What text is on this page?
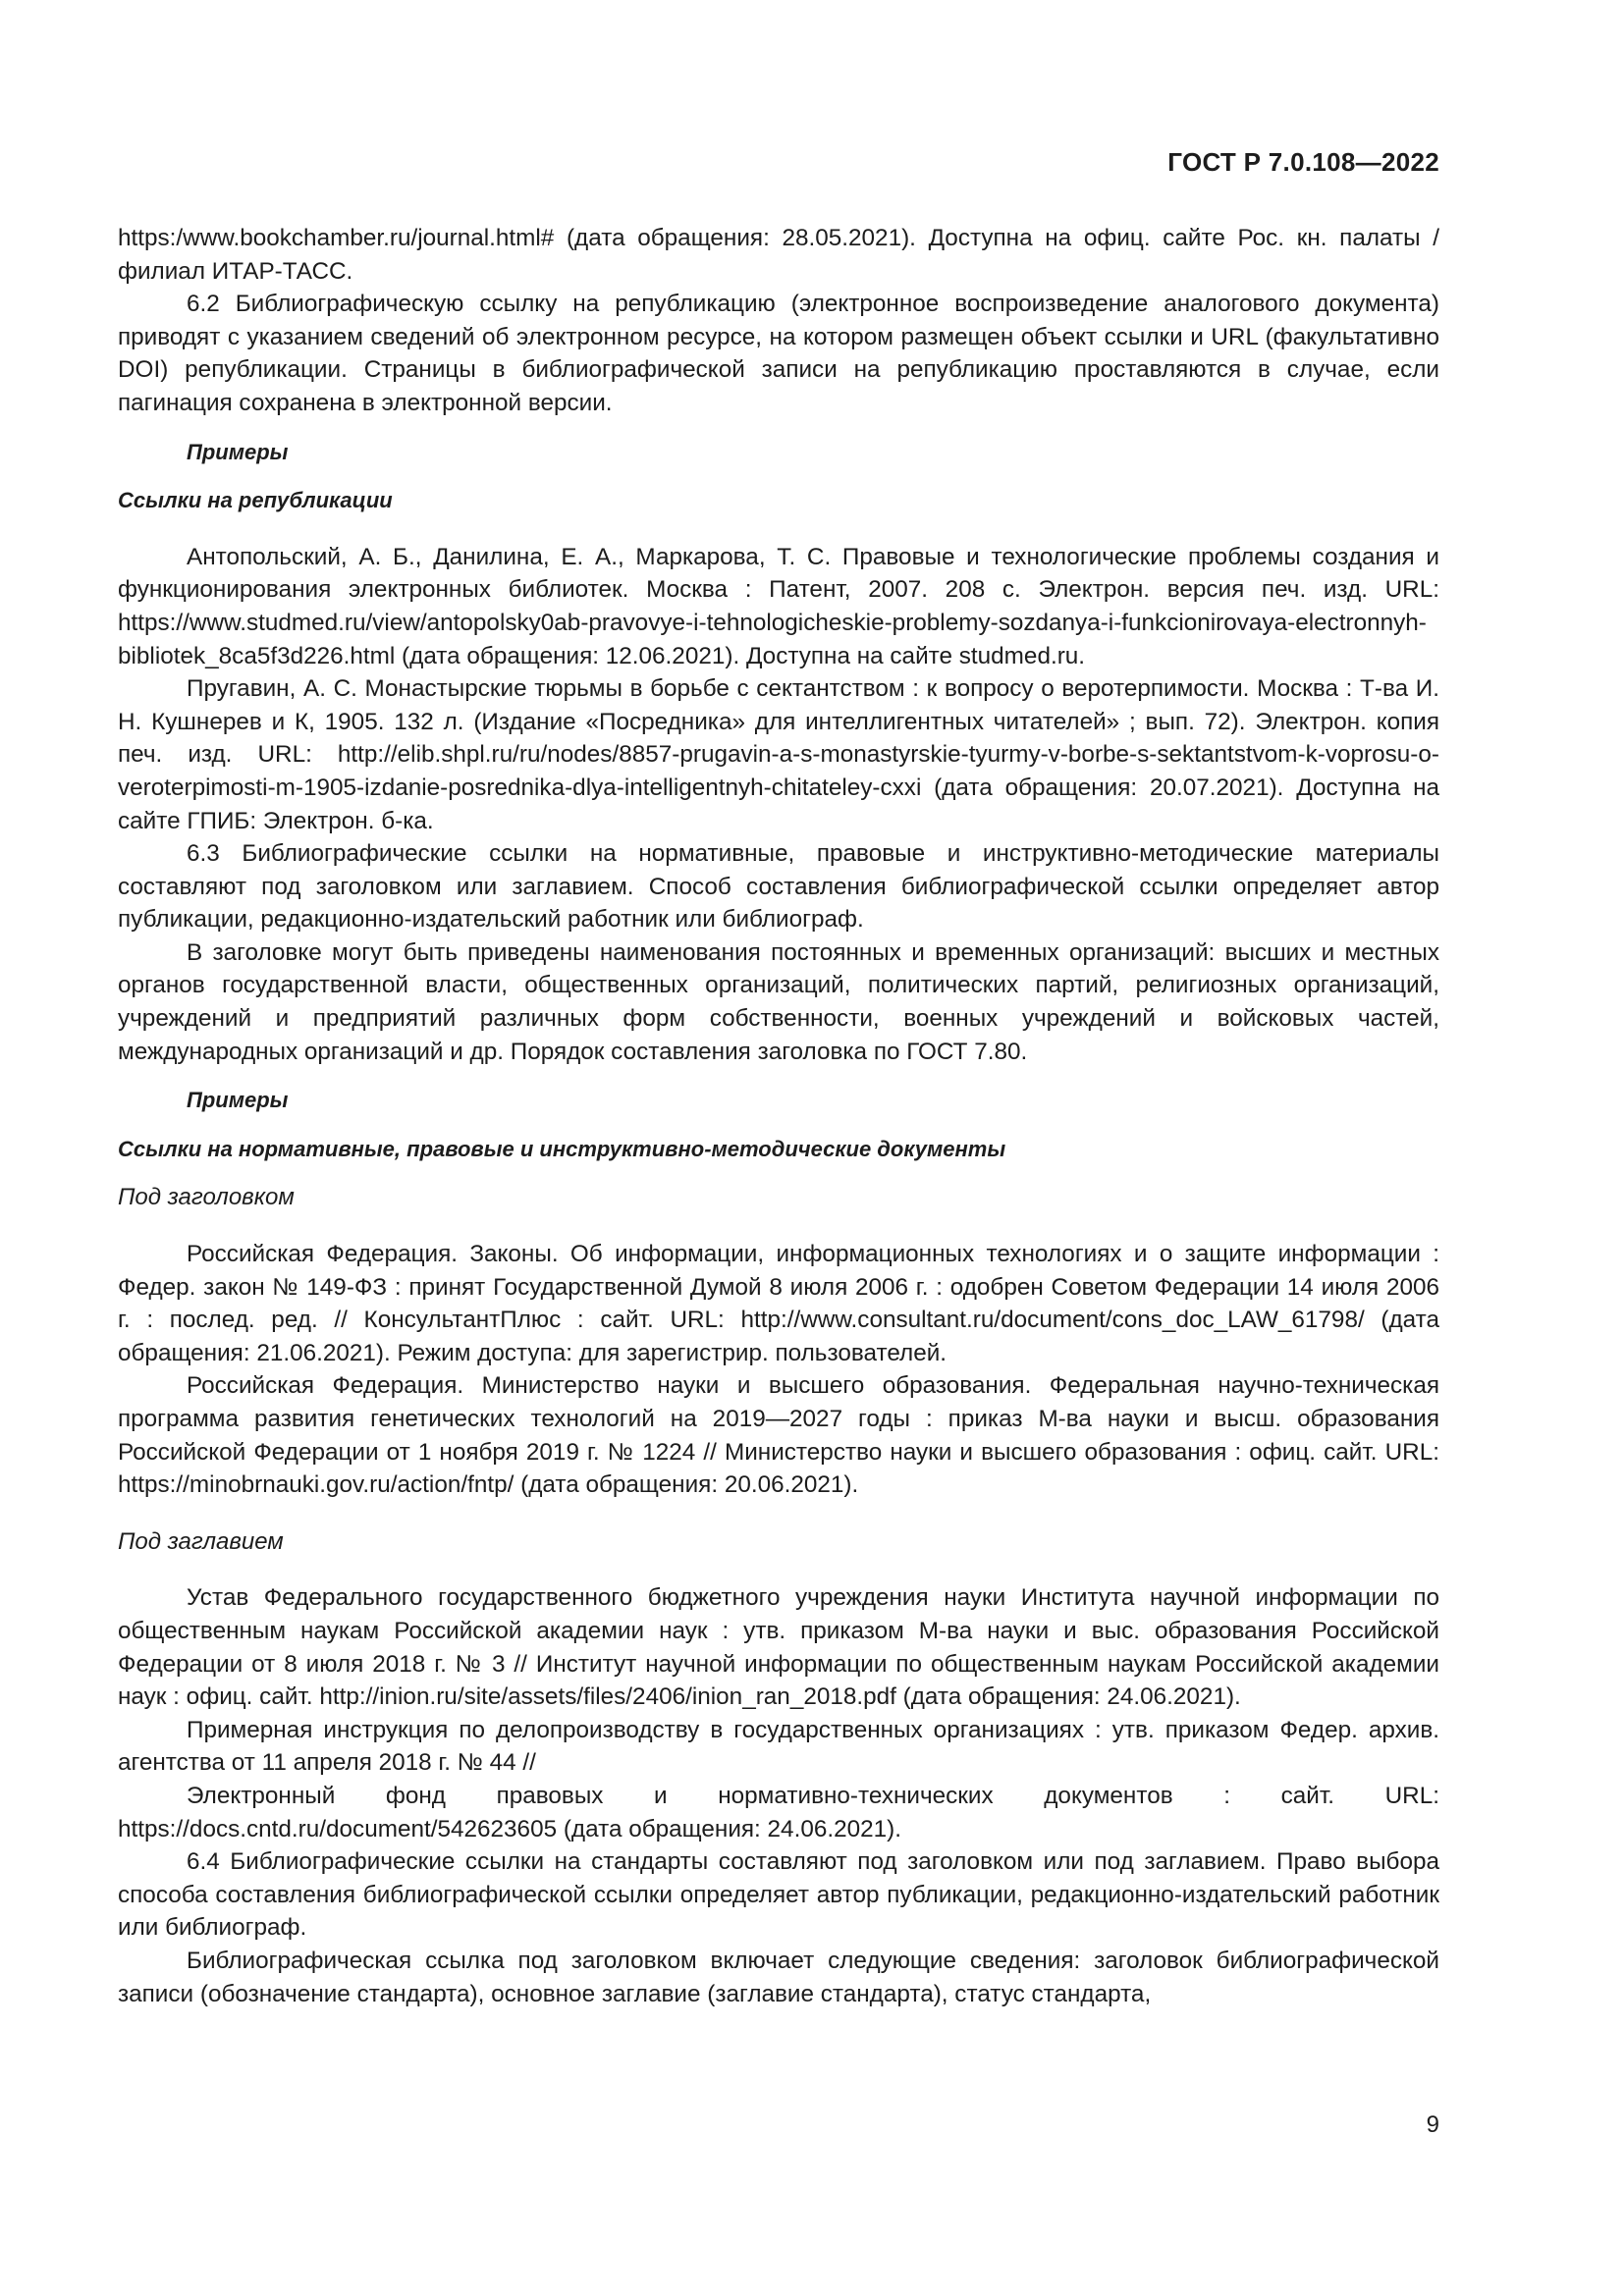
ГОСТ Р 7.0.108—2022

https:/www.bookchamber.ru/journal.html# (дата обращения: 28.05.2021). Доступна на офиц. сайте Рос. кн. палаты /филиал ИТАР-ТАСС.

6.2 Библиографическую ссылку на републикацию (электронное воспроизведение аналогового документа) приводят с указанием сведений об электронном ресурсе, на котором размещен объект ссылки и URL (факультативно DOI) републикации. Страницы в библиографической записи на републикацию проставляются в случае, если пагинация сохранена в электронной версии.

Примеры

Ссылки на републикации

Антопольский, А. Б., Данилина, Е. А., Маркарова, Т. С. Правовые и технологические проблемы создания и функционирования электронных библиотек. Москва : Патент, 2007. 208 с. Электрон. версия печ. изд. URL: https://www.studmed.ru/view/antopolsky0ab-pravovye-i-tehnologicheskie-problemy-sozdanya-i-funkcionirovaya-electronnyh-bibliotek_8ca5f3d226.html (дата обращения: 12.06.2021). Доступна на сайте studmed.ru.

Пругавин, А. С. Монастырские тюрьмы в борьбе с сектантством : к вопросу о веротерпимости. Москва : Т-ва И. Н. Кушнерев и К, 1905. 132 л. (Издание «Посредника» для интеллигентных читателей» ; вып. 72). Электрон. копия печ. изд. URL: http://elib.shpl.ru/ru/nodes/8857-prugavin-a-s-monastyrskie-tyurmy-v-borbe-s-sektantstvom-k-voprosu-o-veroterpimosti-m-1905-izdanie-posrednika-dlya-intelligentnyh-chitateley-cxxi (дата обращения: 20.07.2021). Доступна на сайте ГПИБ: Электрон. б-ка.

6.3 Библиографические ссылки на нормативные, правовые и инструктивно-методические материалы составляют под заголовком или заглавием. Способ составления библиографической ссылки определяет автор публикации, редакционно-издательский работник или библиограф.

В заголовке могут быть приведены наименования постоянных и временных организаций: высших и местных органов государственной власти, общественных организаций, политических партий, религиозных организаций, учреждений и предприятий различных форм собственности, военных учреждений и войсковых частей, международных организаций и др. Порядок составления заголовка по ГОСТ 7.80.

Примеры

Ссылки на нормативные, правовые и инструктивно-методические документы

Под заголовком

Российская Федерация. Законы. Об информации, информационных технологиях и о защите информации : Федер. закон № 149-ФЗ : принят Государственной Думой 8 июля 2006 г. : одобрен Советом Федерации 14 июля 2006 г. : послед. ред. // КонсультантПлюс : сайт. URL: http://www.consultant.ru/document/cons_doc_LAW_61798/ (дата обращения: 21.06.2021). Режим доступа: для зарегистрир. пользователей.

Российская Федерация. Министерство науки и высшего образования. Федеральная научно-техническая программа развития генетических технологий на 2019—2027 годы : приказ М-ва науки и высш. образования Российской Федерации от 1 ноября 2019 г. № 1224 // Министерство науки и высшего образования : офиц. сайт. URL: https://minobrnauki.gov.ru/action/fntp/ (дата обращения: 20.06.2021).

Под заглавием

Устав Федерального государственного бюджетного учреждения науки Института научной информации по общественным наукам Российской академии наук : утв. приказом М-ва науки и выс. образования Российской Федерации от 8 июля 2018 г. № 3 // Институт научной информации по общественным наукам Российской академии наук : офиц. сайт. http://inion.ru/site/assets/files/2406/inion_ran_2018.pdf (дата обращения: 24.06.2021).

Примерная инструкция по делопроизводству в государственных организациях : утв. приказом Федер. архив. агентства от 11 апреля 2018 г. № 44 //

Электронный фонд правовых и нормативно-технических документов : сайт. URL: https://docs.cntd.ru/document/542623605 (дата обращения: 24.06.2021).

6.4 Библиографические ссылки на стандарты составляют под заголовком или под заглавием. Право выбора способа составления библиографической ссылки определяет автор публикации, редакционно-издательский работник или библиограф.

Библиографическая ссылка под заголовком включает следующие сведения: заголовок библиографической записи (обозначение стандарта), основное заглавие (заглавие стандарта), статус стандарта,

9
